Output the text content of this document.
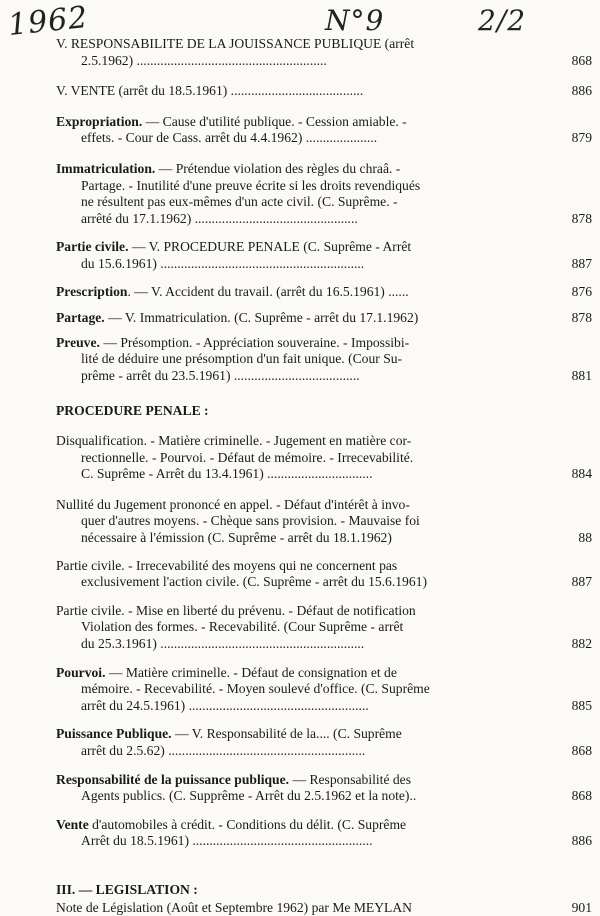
1962	N°9	2/2
V. RESPONSABILITE DE LA JOUISSANCE PUBLIQUE (arrêt
2.5.1962) ........................................................	868
V. VENTE (arrêt du 18.5.1961) .......................................	886
Expropriation. — Cause d'utilité publique. - Cession amiable. -
effets. - Cour de Cass. arrêt du 4.4.1962) .....................	879
Immatriculation. — Prétendue violation des règles du chraâ. -
Partage. - Inutilité d'une preuve écrite si les droits revendiqués
ne résultent pas eux-mêmes d'un acte civil. (C. Suprême. -
arrêté du 17.1.1962) ................................................	878
Partie civile. — V. PROCEDURE PENALE (C. Suprême - Arrêt
du 15.6.1961) ............................................................	887
Prescription. — V. Accident du travail. (arrêt du 16.5.1961) ......	876
Partage. — V. Immatriculation. (C. Suprême - arrêt du 17.1.1962)	878
Preuve. — Présomption. - Appréciation souveraine. - Impossibi-
lité de déduire une présomption d'un fait unique. (Cour Su-
prême - arrêt du 23.5.1961) .....................................	881
PROCEDURE PENALE :
Disqualification. - Matière criminelle. - Jugement en matière cor-
rectionnelle. - Pourvoi. - Défaut de mémoire. - Irrecevabilité.
C. Suprême - Arrêt du 13.4.1961) ...............................	884
Nullité du Jugement prononcé en appel. - Défaut d'intérêt à invo-
quer d'autres moyens. - Chèque sans provision. - Mauvaise foi
nécessaire à l'émission (C. Suprême - arrêt du 18.1.1962)	88
Partie civile. - Irrecevabilité des moyens qui ne concernent pas
exclusivement l'action civile. (C. Suprême - arrêt du 15.6.1961)	887
Partie civile. - Mise en liberté du prévenu. - Défaut de notification
Violation des formes. - Recevabilité. (Cour Suprême - arrêt
du 25.3.1961) ............................................................	882
Pourvoi. — Matière criminelle. - Défaut de consignation et de
mémoire. - Recevabilité. - Moyen soulevé d'office. (C. Suprême
arrêt du 24.5.1961) .....................................................	885
Puissance Publique. — V. Responsabilité de la.... (C. Suprême
arrêt du 2.5.62) ..........................................................	868
Responsabilité de la puissance publique. — Responsabilité des
Agents publics. (C. Supprême - Arrêt du 2.5.1962 et la note)..	868
Vente d'automobiles à crédit. - Conditions du délit. (C. Suprême
Arrêt du 18.5.1961) .....................................................	886
III. — LEGISLATION :
Note de Législation (Août et Septembre 1962) par Me MEYLAN	901
